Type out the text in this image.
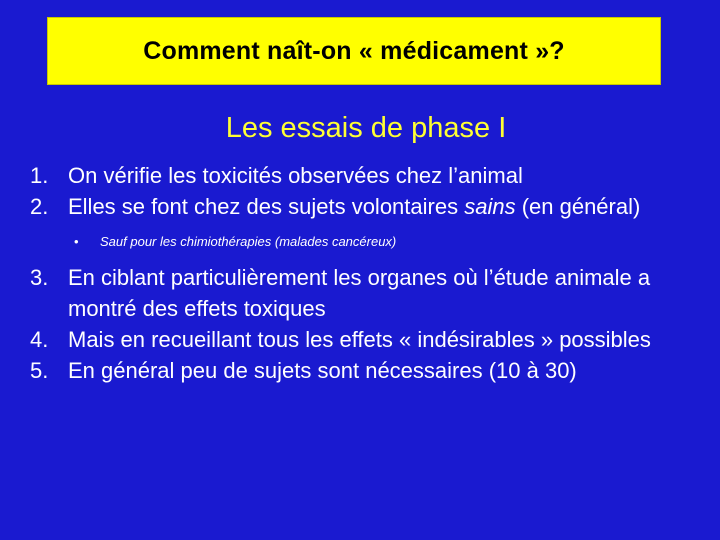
Comment naît-on « médicament »?
Les essais de phase I
1. On vérifie les toxicités observées chez l’animal
2. Elles se font chez des sujets volontaires sains (en général)
• Sauf pour les chimiothérapies (malades cancéreux)
3. En ciblant particulièrement les organes où l’étude animale a montré des effets toxiques
4. Mais en recueillant tous les effets « indésirables » possibles
5. En général peu de sujets sont nécessaires (10 à 30)
